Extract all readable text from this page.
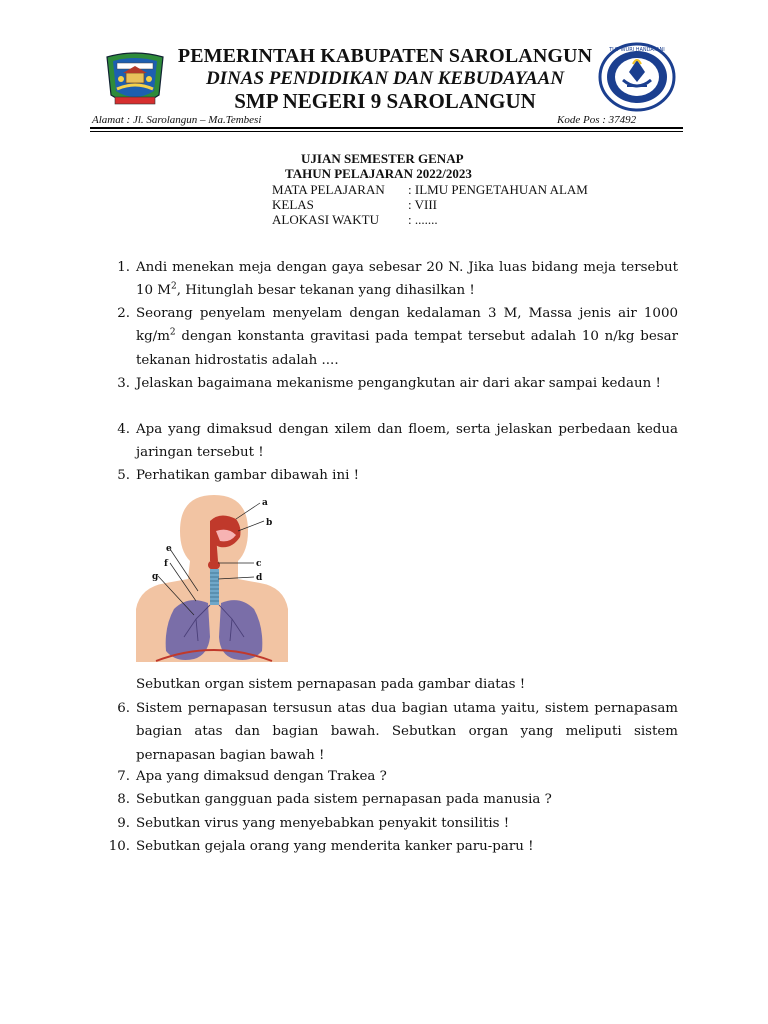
PEMERINTAH KABUPATEN SAROLANGUN
DINAS PENDIDIKAN DAN KEBUDAYAAN
SMP NEGERI 9 SAROLANGUN
TUT WURI HANDAYANI
Alamat : Jl. Sarolangun – Ma.Tembesi	Kode Pos : 37492
UJIAN SEMESTER GENAP
TAHUN PELAJARAN 2022/2023
MATA PELAJARAN : ILMU PENGETAHUAN ALAM
KELAS	: VIII
ALOKASI WAKTU : .......
1. Andi menekan meja dengan gaya sebesar 20 N. Jika luas bidang meja tersebut 10 $M^2$, Hitunglah besar tekanan yang dihasilkan !
2. Seorang penyelam menyelam dengan kedalaman 3 M, Massa jenis air 1000 $kg/m^2$ dengan konstanta gravitasi pada tempat tersebut adalah 10 n/kg besar tekanan hidrostatis adalah ....
3. Jelaskan bagaimana mekanisme pengangkutan air dari akar sampai kedaun !
4. Apa yang dimaksud dengan xilem dan floem, serta jelaskan perbedaan kedua jaringan tersebut !
5. Perhatikan gambar dibawah ini !
a
b
c
d
e
f
g
Sebutkan organ sistem pernapasan pada gambar diatas !
6. Sistem pernapasan tersusun atas dua bagian utama yaitu, sistem pernapasam bagian atas dan bagian bawah. Sebutkan organ yang meliputi sistem pernapasan bagian bawah !
7. Apa yang dimaksud dengan Trakea ?
8. Sebutkan gangguan pada sistem pernapasan pada manusia ?
9. Sebutkan virus yang menyebabkan penyakit tonsilitis !
10. Sebutkan gejala orang yang menderita kanker paru-paru !
